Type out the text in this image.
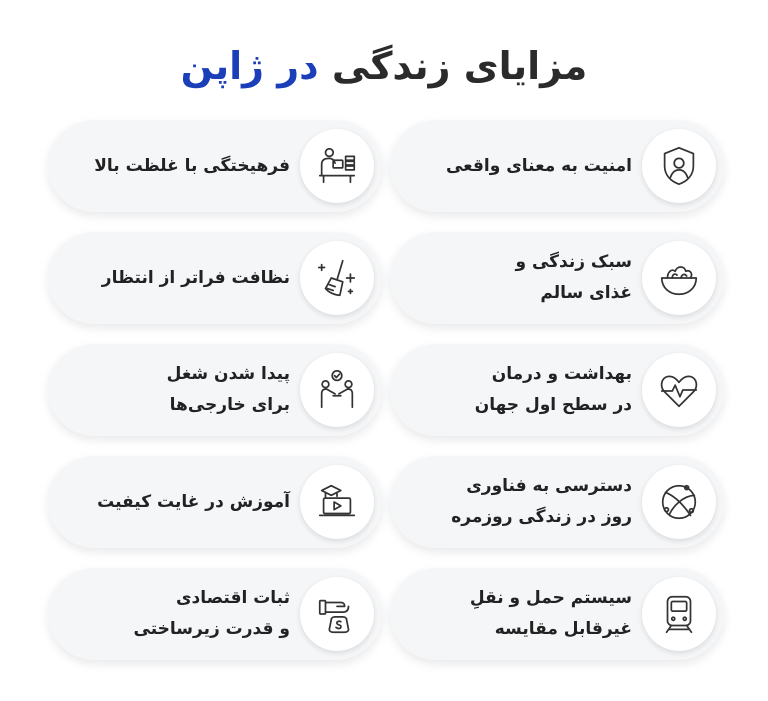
مزایای زندگی در ژاپن
امنیت به معنای واقعی
سبک زندگی و
غذای سالم
بهداشت و درمان
در سطح اول جهان
دسترسی به فناوری
روز در زندگی روزمره
سیستم حمل و نقلِ
غیرقابل مقایسه
فرهیختگی با غلظت بالا
نظافت فراتر از انتظار
پیدا شدن شغل
برای خارجی‌ها
آموزش در غایت کیفیت
ثبات اقتصادی
و قدرت زیرساختی
